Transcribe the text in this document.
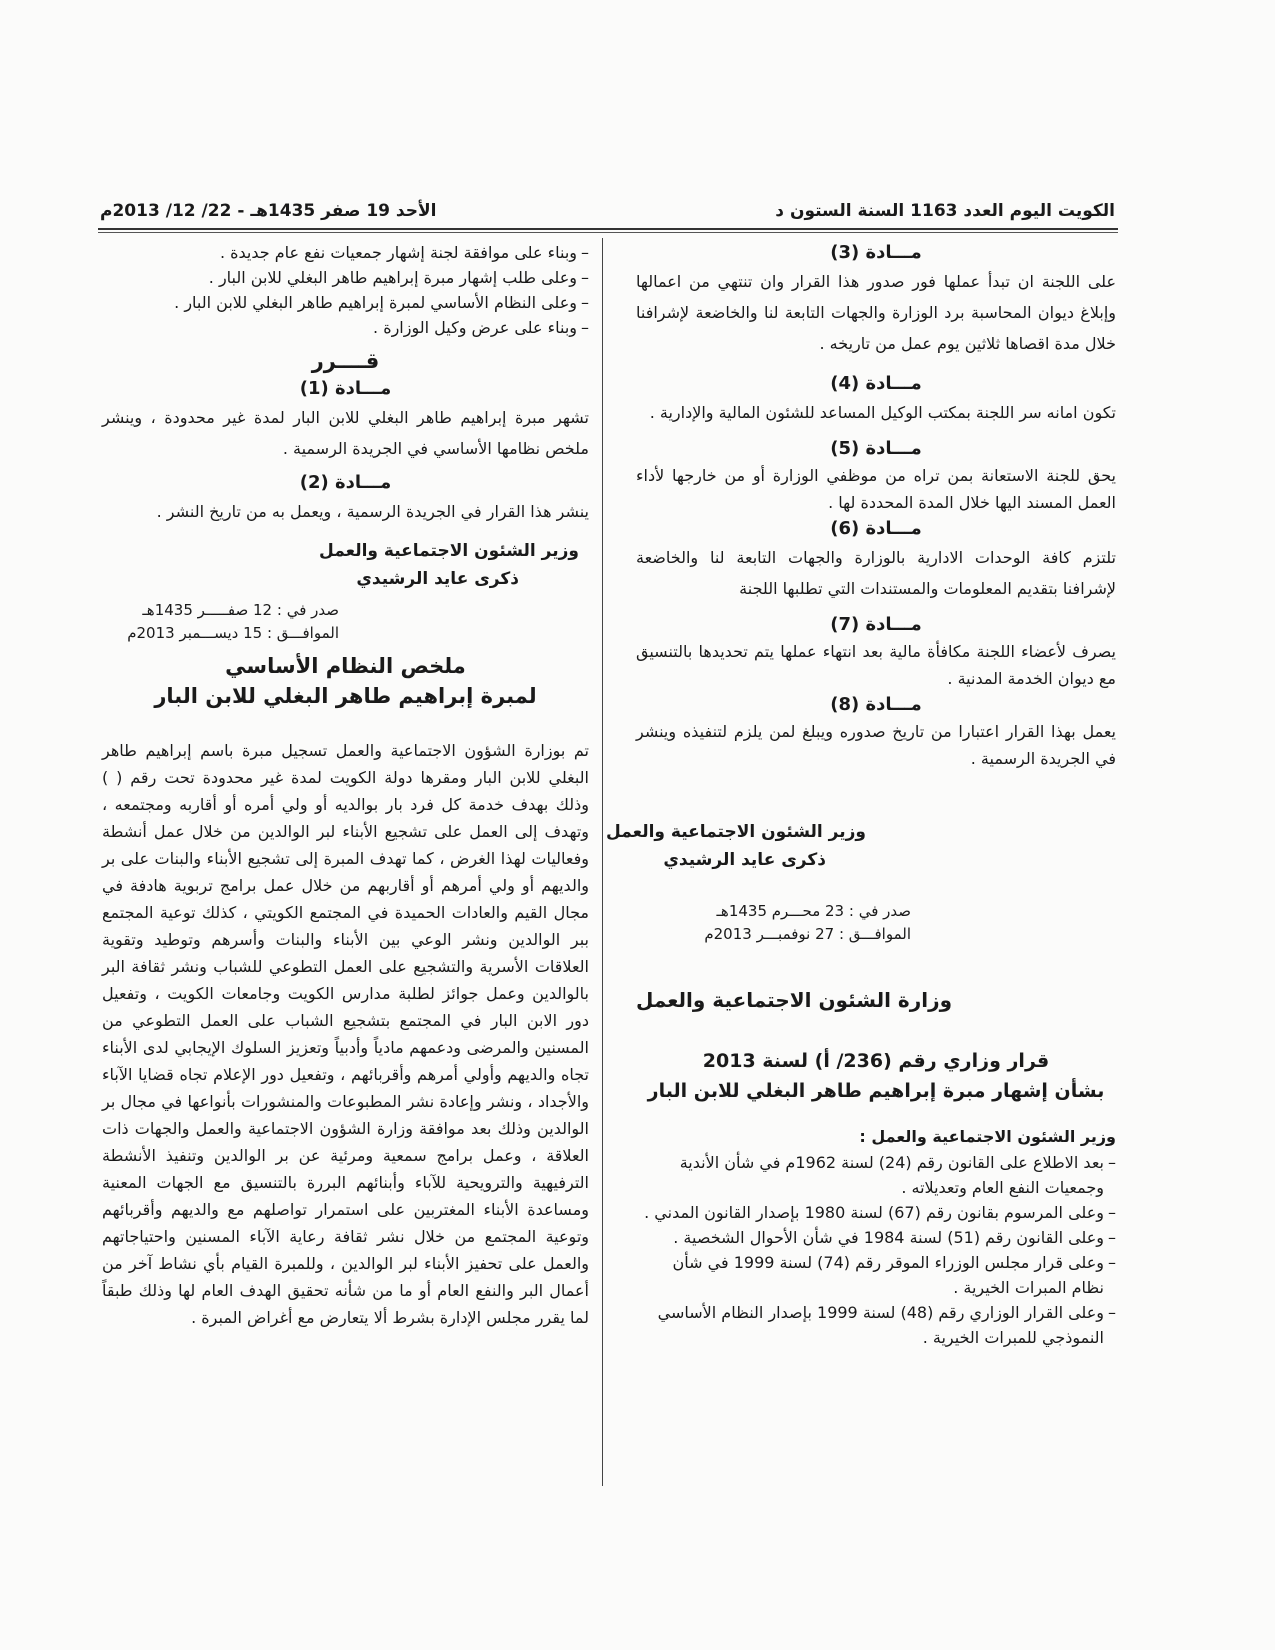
الكويت اليوم العدد 1163 السنة الستون د
الأحد 19 صفر 1435هـ - 22/ 12/ 2013م

مـــادة (3)

على اللجنة ان تبدأ عملها فور صدور هذا القرار وان تنتهي من اعمالها وإبلاغ ديوان المحاسبة برد الوزارة والجهات التابعة لنا والخاضعة لإشرافنا خلال مدة اقصاها ثلاثين يوم عمل من تاريخه .

مـــادة (4)

تكون امانه سر اللجنة بمكتب الوكيل المساعد للشئون المالية والإدارية .

مـــادة (5)

يحق للجنة الاستعانة بمن تراه من موظفي الوزارة أو من خارجها لأداء العمل المسند اليها خلال المدة المحددة لها .

مـــادة (6)

تلتزم كافة الوحدات الادارية بالوزارة والجهات التابعة لنا والخاضعة لإشرافنا بتقديم المعلومات والمستندات التي تطلبها اللجنة

مـــادة (7)

يصرف لأعضاء اللجنة مكافأة مالية بعد انتهاء عملها يتم تحديدها بالتنسيق مع ديوان الخدمة المدنية .

مـــادة (8)

يعمل بهذا القرار اعتبارا من تاريخ صدوره ويبلغ لمن يلزم لتنفيذه وينشر في الجريدة الرسمية .

وزير الشئون الاجتماعية والعمل

ذكرى عايد الرشيدي

صدر في : 23 محـــرم 1435هـ

الموافـــق : 27 نوفمبـــر 2013م

وزارة الشئون الاجتماعية والعمل

قرار وزاري رقم (236/ أ) لسنة 2013

بشأن إشهار مبرة إبراهيم طاهر البغلي للابن البار

وزير الشئون الاجتماعية والعمل :

– بعد الاطلاع على القانون رقم (24) لسنة 1962م في شأن الأندية وجمعيات النفع العام وتعديلاته .

– وعلى المرسوم بقانون رقم (67) لسنة 1980 بإصدار القانون المدني .

– وعلى القانون رقم (51) لسنة 1984 في شأن الأحوال الشخصية .

– وعلى قرار مجلس الوزراء الموقر رقم (74) لسنة 1999 في شأن نظام المبرات الخيرية .

– وعلى القرار الوزاري رقم (48) لسنة 1999 بإصدار النظام الأساسي النموذجي للمبرات الخيرية .

– وبناء على موافقة لجنة إشهار جمعيات نفع عام جديدة .

– وعلى طلب إشهار مبرة إبراهيم طاهر البغلي للابن البار .

– وعلى النظام الأساسي لمبرة إبراهيم طاهر البغلي للابن البار .

– وبناء على عرض وكيل الوزارة .

قــــرر

مـــادة (1)

تشهر مبرة إبراهيم طاهر البغلي للابن البار لمدة غير محدودة ، وينشر ملخص نظامها الأساسي في الجريدة الرسمية .

مـــادة (2)

ينشر هذا القرار في الجريدة الرسمية ، ويعمل به من تاريخ النشر .

وزير الشئون الاجتماعية والعمل

ذكرى عايد الرشيدي

صدر في : 12 صفـــــر 1435هـ

الموافـــق : 15 ديســـمبر 2013م

ملخص النظام الأساسي

لمبرة إبراهيم طاهر البغلي للابن البار

تم بوزارة الشؤون الاجتماعية والعمل تسجيل مبرة باسم إبراهيم طاهر البغلي للابن البار ومقرها دولة الكويت لمدة غير محدودة تحت رقم ( ) وذلك بهدف خدمة كل فرد بار بوالديه أو ولي أمره أو أقاربه ومجتمعه ، وتهدف إلى العمل على تشجيع الأبناء لبر الوالدين من خلال عمل أنشطة وفعاليات لهذا الغرض ، كما تهدف المبرة إلى تشجيع الأبناء والبنات على بر والديهم أو ولي أمرهم أو أقاربهم من خلال عمل برامج تربوية هادفة في مجال القيم والعادات الحميدة في المجتمع الكويتي ، كذلك توعية المجتمع ببر الوالدين ونشر الوعي بين الأبناء والبنات وأسرهم وتوطيد وتقوية العلاقات الأسرية والتشجيع على العمل التطوعي للشباب ونشر ثقافة البر بالوالدين وعمل جوائز لطلبة مدارس الكويت وجامعات الكويت ، وتفعيل دور الابن البار في المجتمع بتشجيع الشباب على العمل التطوعي من المسنين والمرضى ودعمهم مادياً وأدبياً وتعزيز السلوك الإيجابي لدى الأبناء تجاه والديهم وأولي أمرهم وأقربائهم ، وتفعيل دور الإعلام تجاه قضايا الآباء والأجداد ، ونشر وإعادة نشر المطبوعات والمنشورات بأنواعها في مجال بر الوالدين وذلك بعد موافقة وزارة الشؤون الاجتماعية والعمل والجهات ذات العلاقة ، وعمل برامج سمعية ومرئية عن بر الوالدين وتنفيذ الأنشطة الترفيهية والترويحية للآباء وأبنائهم البررة بالتنسيق مع الجهات المعنية ومساعدة الأبناء المغتربين على استمرار تواصلهم مع والديهم وأقربائهم وتوعية المجتمع من خلال نشر ثقافة رعاية الآباء المسنين واحتياجاتهم والعمل على تحفيز الأبناء لبر الوالدين ، وللمبرة القيام بأي نشاط آخر من أعمال البر والنفع العام أو ما من شأنه تحقيق الهدف العام لها وذلك طبقاً لما يقرر مجلس الإدارة بشرط ألا يتعارض مع أغراض المبرة .
